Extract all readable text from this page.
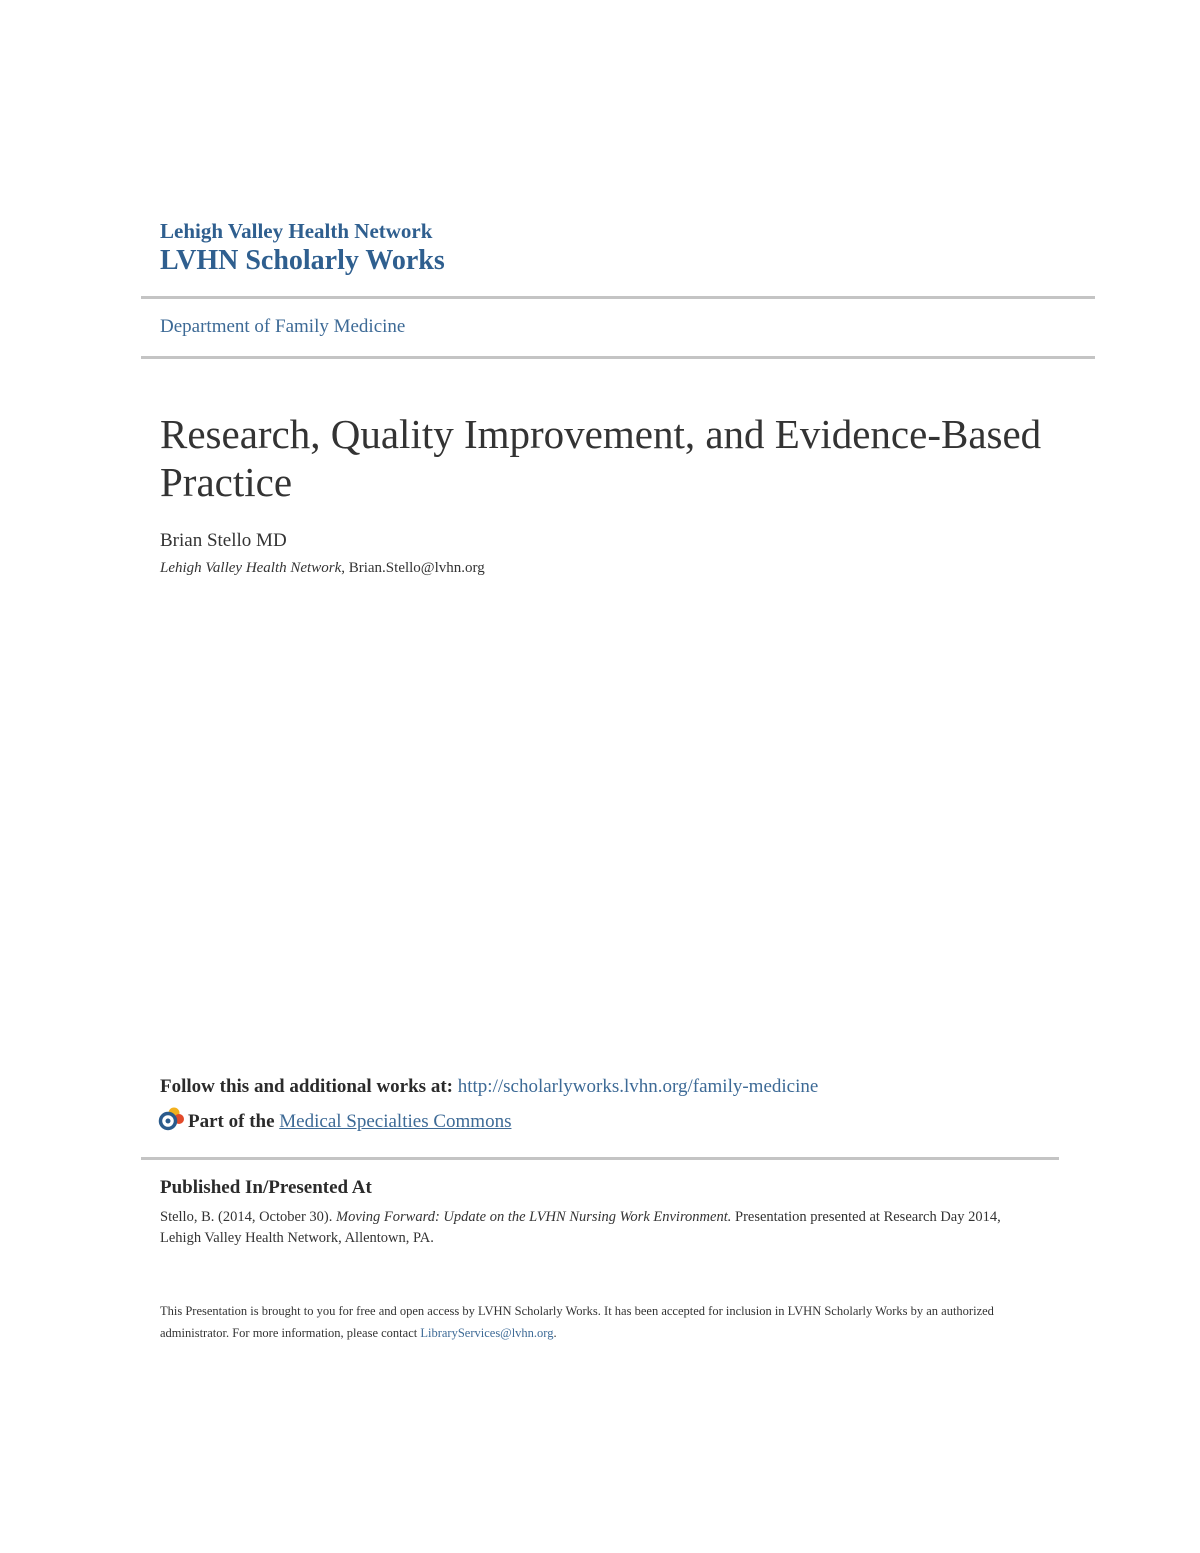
Lehigh Valley Health Network
LVHN Scholarly Works
Department of Family Medicine
Research, Quality Improvement, and Evidence-Based Practice
Brian Stello MD
Lehigh Valley Health Network, Brian.Stello@lvhn.org
Follow this and additional works at: http://scholarlyworks.lvhn.org/family-medicine
Part of the Medical Specialties Commons
Published In/Presented At
Stello, B. (2014, October 30). Moving Forward: Update on the LVHN Nursing Work Environment. Presentation presented at Research Day 2014, Lehigh Valley Health Network, Allentown, PA.
This Presentation is brought to you for free and open access by LVHN Scholarly Works. It has been accepted for inclusion in LVHN Scholarly Works by an authorized administrator. For more information, please contact LibraryServices@lvhn.org.
